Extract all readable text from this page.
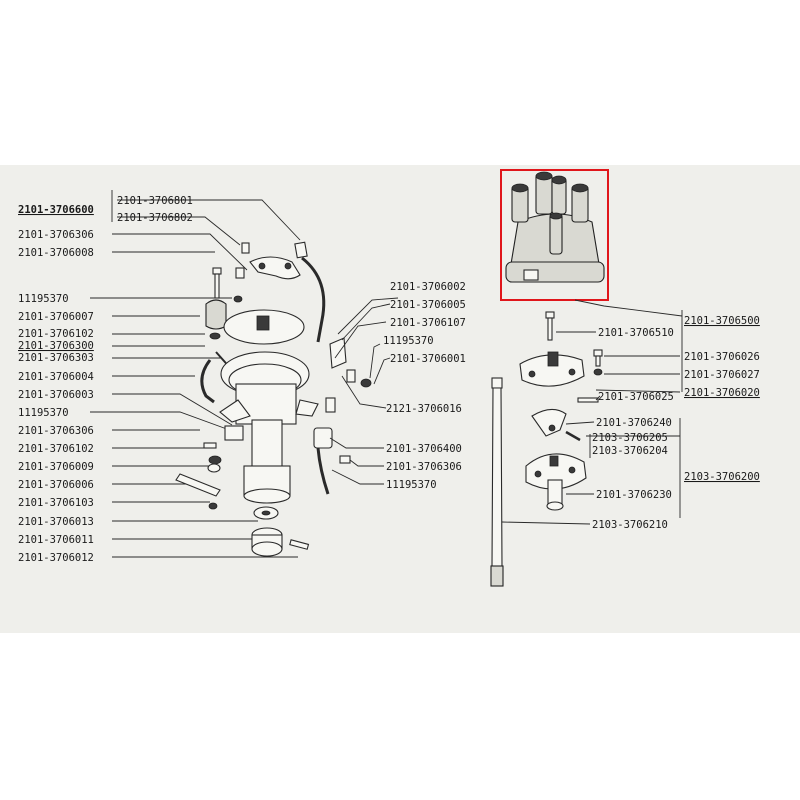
2101-3706600
2101-3706801
2101-3706802
2101-3706306
2101-3706008
11195370
2101-3706007
2101-3706102
2101-3706300
2101-3706303
2101-3706004
2101-3706003
11195370
2101-3706306
2101-3706102
2101-3706009
2101-3706006
2101-3706103
2101-3706013
2101-3706011
2101-3706012
2101-3706002
2101-3706005
2101-3706107
11195370
2101-3706001
2121-3706016
2101-3706400
2101-3706306
11195370
2101-3706500
2101-3706510
2101-3706026
2101-3706027
2101-3706020
2101-3706025
2101-3706240
2103-3706205
2103-3706204
2103-3706200
2101-3706230
2103-3706210
